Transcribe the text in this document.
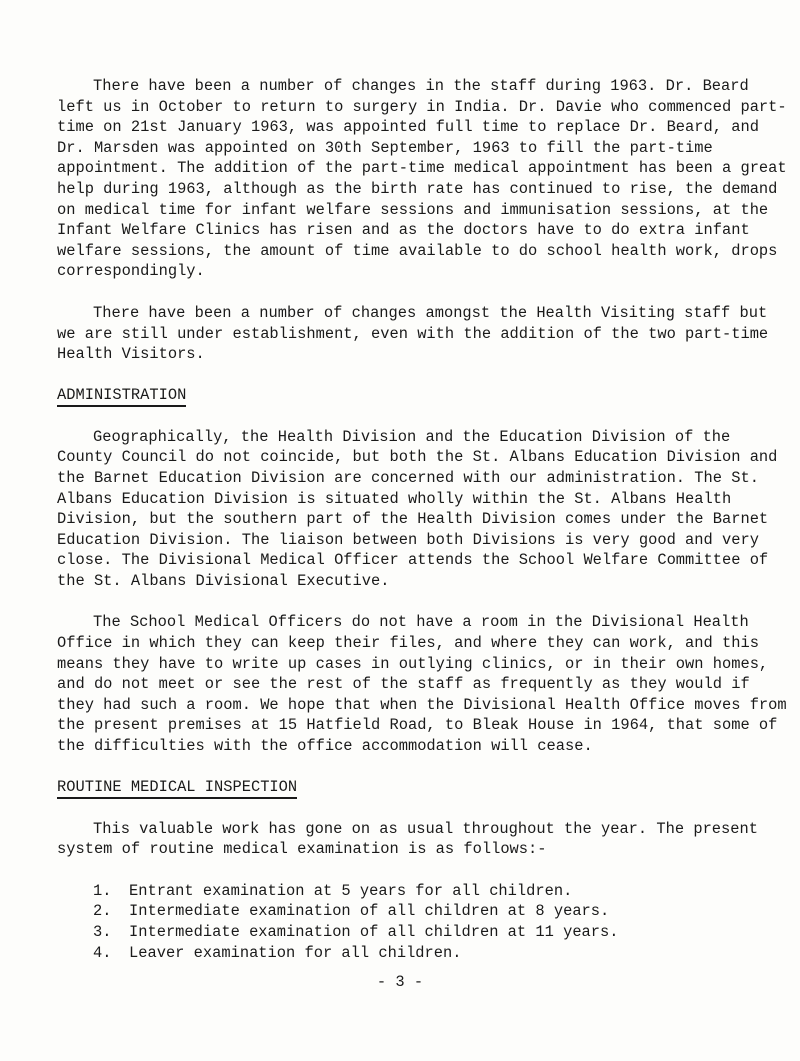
There have been a number of changes in the staff during 1963. Dr. Beard left us in October to return to surgery in India. Dr. Davie who commenced part-time on 21st January 1963, was appointed full time to replace Dr. Beard, and Dr. Marsden was appointed on 30th September, 1963 to fill the part-time appointment. The addition of the part-time medical appointment has been a great help during 1963, although as the birth rate has continued to rise, the demand on medical time for infant welfare sessions and immunisation sessions, at the Infant Welfare Clinics has risen and as the doctors have to do extra infant welfare sessions, the amount of time available to do school health work, drops correspondingly.

There have been a number of changes amongst the Health Visiting staff but we are still under establishment, even with the addition of the two part-time Health Visitors.

ADMINISTRATION

Geographically, the Health Division and the Education Division of the County Council do not coincide, but both the St. Albans Education Division and the Barnet Education Division are concerned with our administration. The St. Albans Education Division is situated wholly within the St. Albans Health Division, but the southern part of the Health Division comes under the Barnet Education Division. The liaison between both Divisions is very good and very close. The Divisional Medical Officer attends the School Welfare Committee of the St. Albans Divisional Executive.

The School Medical Officers do not have a room in the Divisional Health Office in which they can keep their files, and where they can work, and this means they have to write up cases in outlying clinics, or in their own homes, and do not meet or see the rest of the staff as frequently as they would if they had such a room. We hope that when the Divisional Health Office moves from the present premises at 15 Hatfield Road, to Bleak House in 1964, that some of the difficulties with the office accommodation will cease.

ROUTINE MEDICAL INSPECTION

This valuable work has gone on as usual throughout the year. The present system of routine medical examination is as follows:-

1.	Entrant examination at 5 years for all children.
2.	Intermediate examination of all children at 8 years.
3.	Intermediate examination of all children at 11 years.
4.	Leaver examination for all children.
- 3 -
